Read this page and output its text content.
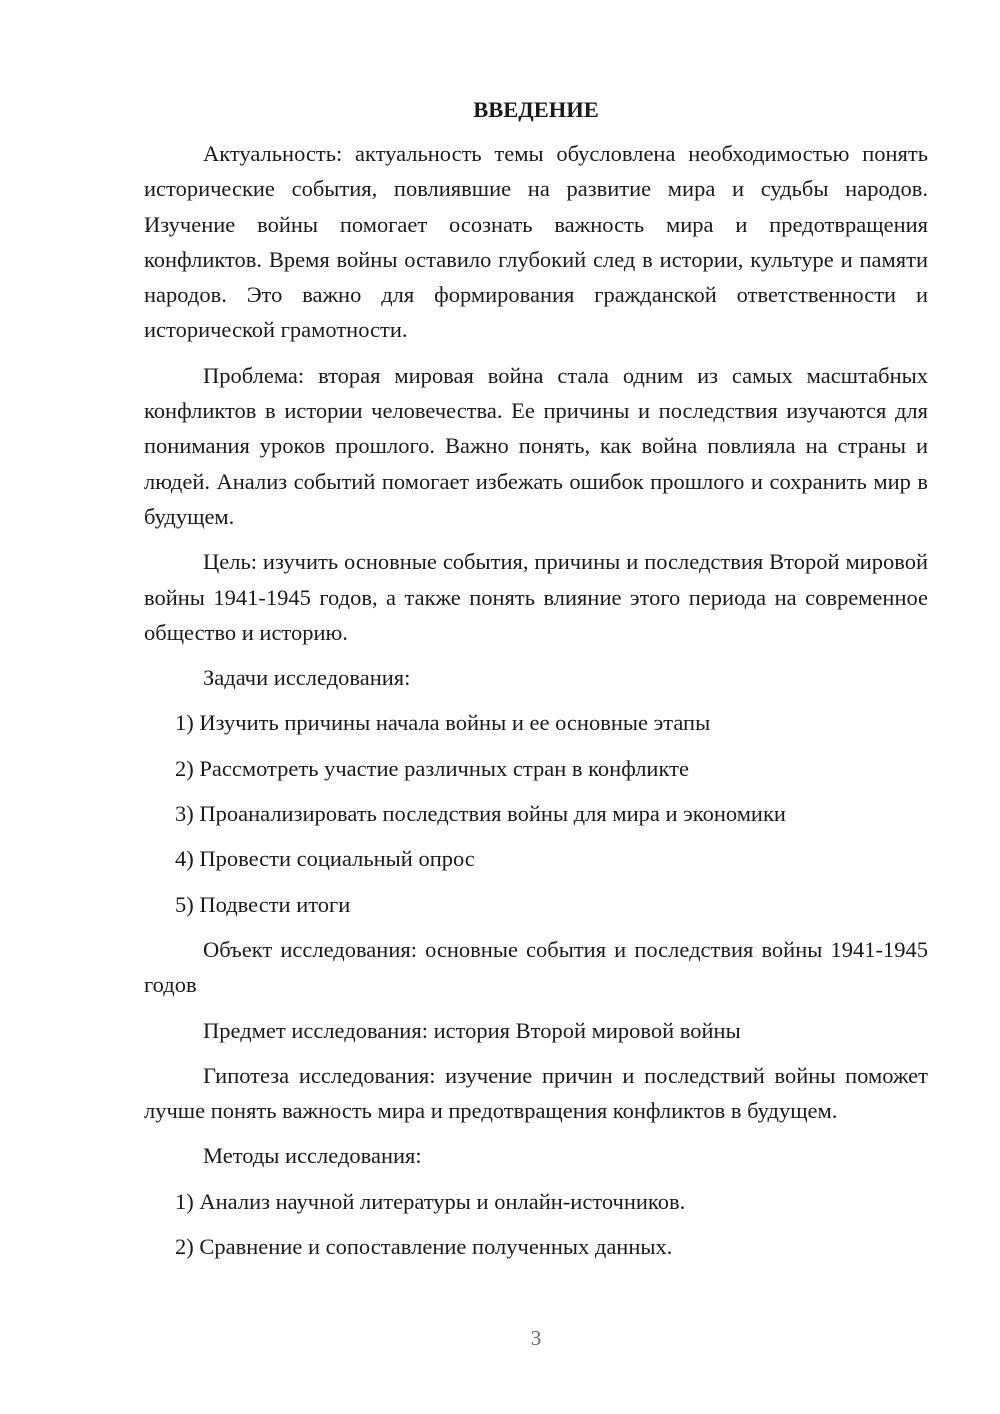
ВВЕДЕНИЕ

Актуальность: актуальность темы обусловлена необходимостью понять исторические события, повлиявшие на развитие мира и судьбы народов. Изучение войны помогает осознать важность мира и предотвращения конфликтов. Время войны оставило глубокий след в истории, культуре и памяти народов. Это важно для формирования гражданской ответственности и исторической грамотности.

Проблема: вторая мировая война стала одним из самых масштабных конфликтов в истории человечества. Ее причины и последствия изучаются для понимания уроков прошлого. Важно понять, как война повлияла на страны и людей. Анализ событий помогает избежать ошибок прошлого и сохранить мир в будущем.

Цель: изучить основные события, причины и последствия Второй мировой войны 1941-1945 годов, а также понять влияние этого периода на современное общество и историю.

Задачи исследования:

1) Изучить причины начала войны и ее основные этапы
2) Рассмотреть участие различных стран в конфликте
3) Проанализировать последствия войны для мира и экономики
4) Провести социальный опрос
5) Подвести итоги

Объект исследования: основные события и последствия войны 1941-1945 годов

Предмет исследования: история Второй мировой войны

Гипотеза исследования: изучение причин и последствий войны поможет лучше понять важность мира и предотвращения конфликтов в будущем.

Методы исследования:

1) Анализ научной литературы и онлайн-источников.
2) Сравнение и сопоставление полученных данных.
3
